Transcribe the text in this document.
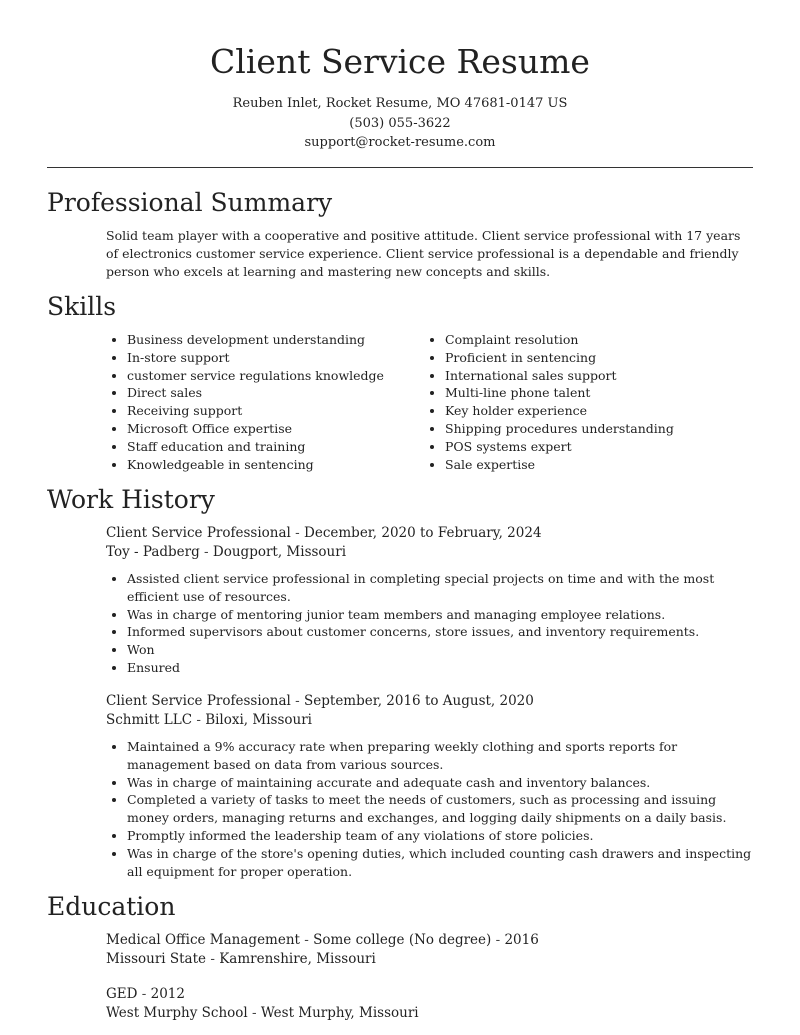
Client Service Resume
Reuben Inlet, Rocket Resume, MO 47681-0147 US
(503) 055-3622
support@rocket-resume.com
Professional Summary
Solid team player with a cooperative and positive attitude. Client service professional with 17 years of electronics customer service experience. Client service professional is a dependable and friendly person who excels at learning and mastering new concepts and skills.
Skills
• Business development understanding
• In-store support
• customer service regulations knowledge
• Direct sales
• Receiving support
• Microsoft Office expertise
• Staff education and training
• Knowledgeable in sentencing
• Complaint resolution
• Proficient in sentencing
• International sales support
• Multi-line phone talent
• Key holder experience
• Shipping procedures understanding
• POS systems expert
• Sale expertise
Work History
Client Service Professional - December, 2020 to February, 2024
Toy - Padberg - Dougport, Missouri
• Assisted client service professional in completing special projects on time and with the most efficient use of resources.
• Was in charge of mentoring junior team members and managing employee relations.
• Informed supervisors about customer concerns, store issues, and inventory requirements.
• Won
• Ensured
Client Service Professional - September, 2016 to August, 2020
Schmitt LLC - Biloxi, Missouri
• Maintained a 9% accuracy rate when preparing weekly clothing and sports reports for management based on data from various sources.
• Was in charge of maintaining accurate and adequate cash and inventory balances.
• Completed a variety of tasks to meet the needs of customers, such as processing and issuing money orders, managing returns and exchanges, and logging daily shipments on a daily basis.
• Promptly informed the leadership team of any violations of store policies.
• Was in charge of the store's opening duties, which included counting cash drawers and inspecting all equipment for proper operation.
Education
Medical Office Management - Some college (No degree) - 2016
Missouri State - Kamrenshire, Missouri
GED - 2012
West Murphy School - West Murphy, Missouri
